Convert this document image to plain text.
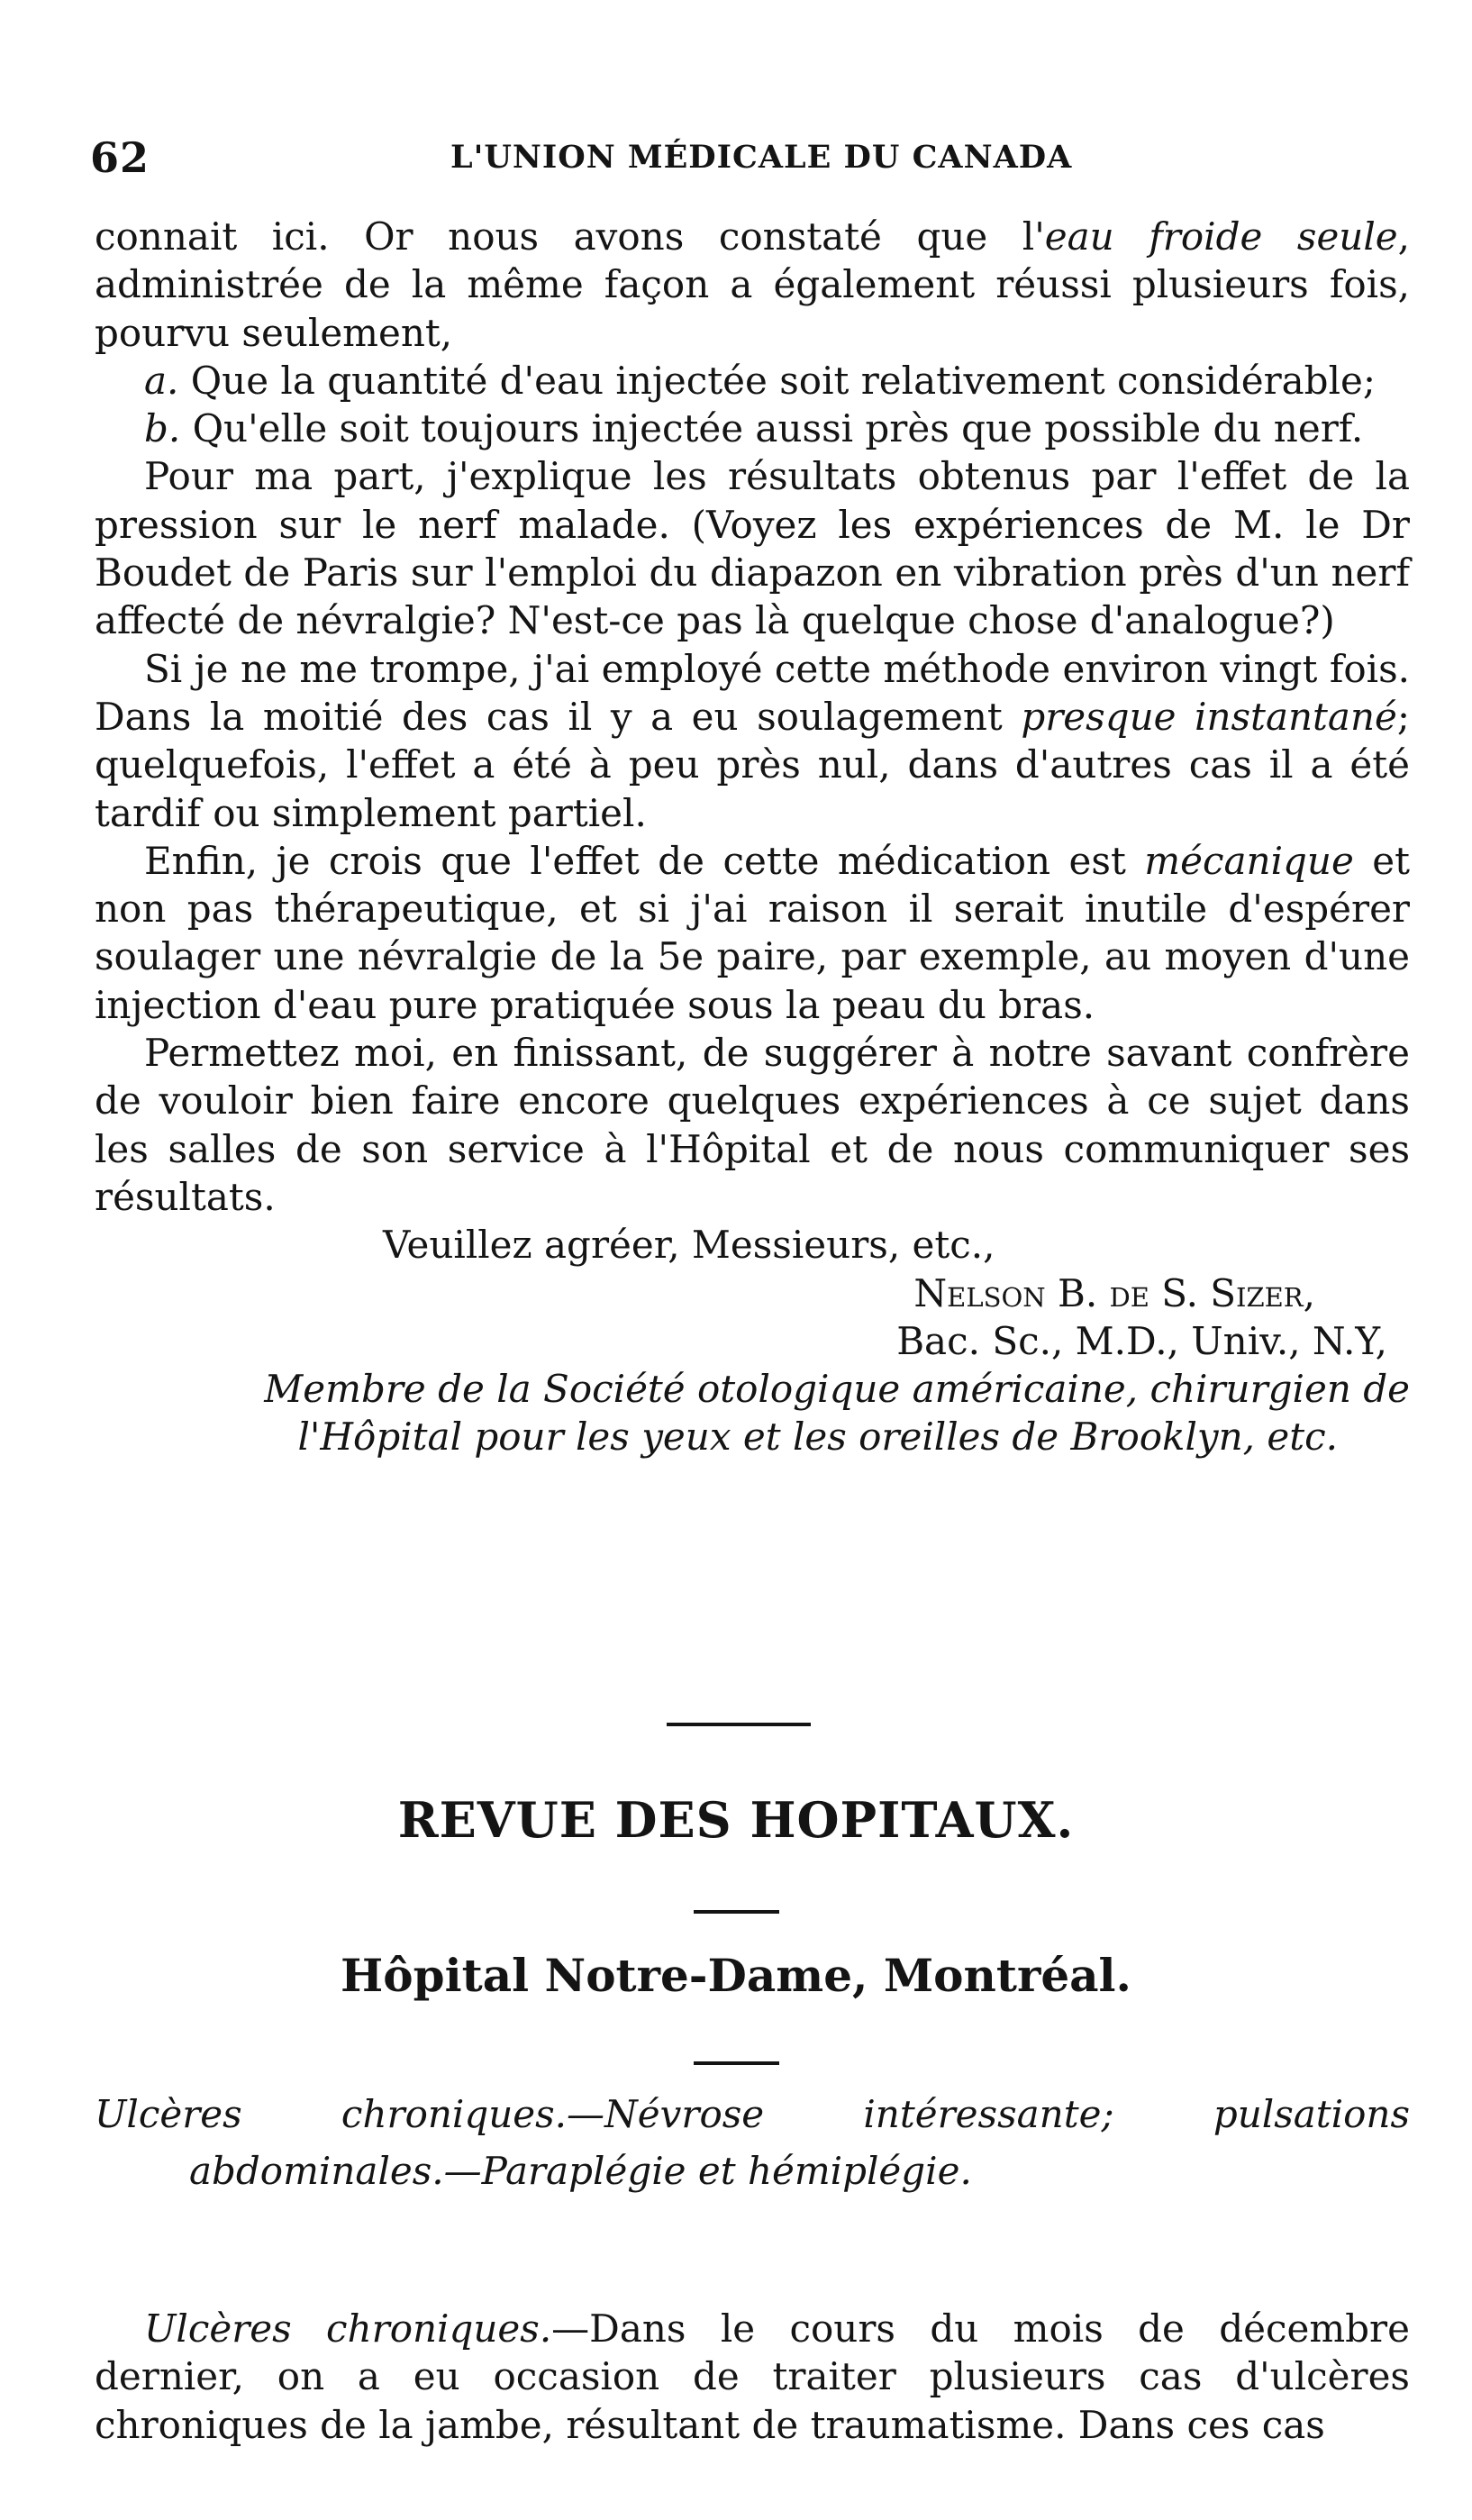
62	L'UNION MÉDICALE DU CANADA

connait ici. Or nous avons constaté que l'eau froide seule, administrée de la même façon a également réussi plusieurs fois, pourvu seulement,

a. Que la quantité d'eau injectée soit relativement considérable;

b. Qu'elle soit toujours injectée aussi près que possible du nerf.

Pour ma part, j'explique les résultats obtenus par l'effet de la pression sur le nerf malade. (Voyez les expériences de M. le Dr Boudet de Paris sur l'emploi du diapazon en vibration près d'un nerf affecté de névralgie? N'est-ce pas là quelque chose d'analogue?)

Si je ne me trompe, j'ai employé cette méthode environ vingt fois. Dans la moitié des cas il y a eu soulagement presque instantané; quelquefois, l'effet a été à peu près nul, dans d'autres cas il a été tardif ou simplement partiel.

Enfin, je crois que l'effet de cette médication est mécanique et non pas thérapeutique, et si j'ai raison il serait inutile d'espérer soulager une névralgie de la 5e paire, par exemple, au moyen d'une injection d'eau pure pratiquée sous la peau du bras.

Permettez moi, en finissant, de suggérer à notre savant confrère de vouloir bien faire encore quelques expériences à ce sujet dans les salles de son service à l'Hôpital et de nous communiquer ses résultats.

Veuillez agréer, Messieurs, etc.,

Nelson B. de S. Sizer,

Bac. Sc., M.D., Univ., N.Y,

Membre de la Société otologique américaine, chirurgien de

l'Hôpital pour les yeux et les oreilles de Brooklyn, etc.

REVUE DES HOPITAUX.
Hôpital Notre-Dame, Montréal.

Ulcères chroniques.—Névrose intéressante; pulsations abdominales.—Paraplégie et hémiplégie.

Ulcères chroniques.—Dans le cours du mois de décembre dernier, on a eu occasion de traiter plusieurs cas d'ulcères chroniques de la jambe, résultant de traumatisme. Dans ces cas
